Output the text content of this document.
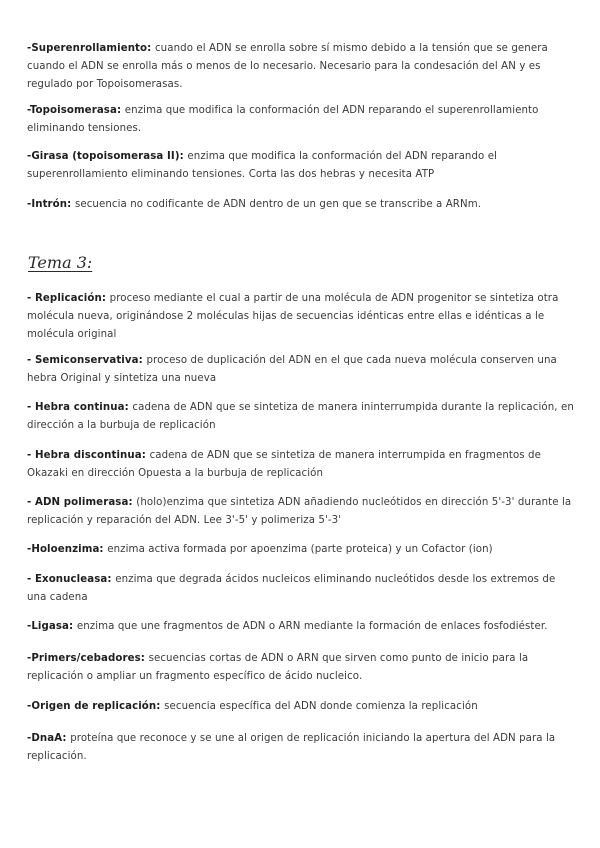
-Superenrollamiento: cuando el ADN se enrolla sobre sí mismo debido a la tensión que se genera cuando el ADN se enrolla más o menos de lo necesario. Necesario para la condesación del AN y es regulado por Topoisomerasas.

-Topoisomerasa: enzima que modifica la conformación del ADN reparando el superenrollamiento eliminando tensiones.

-Girasa (topoisomerasa II): enzima que modifica la conformación del ADN reparando el superenrollamiento eliminando tensiones. Corta las dos hebras y necesita ATP

-Intrón: secuencia no codificante de ADN dentro de un gen que se transcribe a ARNm.

Tema 3:

- Replicación: proceso mediante el cual a partir de una molécula de ADN progenitor se sintetiza otra molécula nueva, originándose 2 moléculas hijas de secuencias idénticas entre ellas e idénticas a le molécula original

- Semiconservativa: proceso de duplicación del ADN en el que cada nueva molécula conserven una hebra Original y sintetiza una nueva

- Hebra continua: cadena de ADN que se sintetiza de manera ininterrumpida durante la replicación, en dirección a la burbuja de replicación

- Hebra discontinua: cadena de ADN que se sintetiza de manera interrumpida en fragmentos de Okazaki en dirección Opuesta a la burbuja de replicación

- ADN polimerasa: (holo)enzima que sintetiza ADN añadiendo nucleótidos en dirección 5'-3' durante la replicación y reparación del ADN. Lee 3'-5' y polimeriza 5'-3'

-Holoenzima: enzima activa formada por apoenzima (parte proteica) y un Cofactor (ion)

- Exonucleasa: enzima que degrada ácidos nucleicos eliminando nucleótidos desde los extremos de una cadena

-Ligasa: enzima que une fragmentos de ADN o ARN mediante la formación de enlaces fosfodiéster.

-Primers/cebadores: secuencias cortas de ADN o ARN que sirven como punto de inicio para la replicación o ampliar un fragmento específico de ácido nucleico.

-Origen de replicación: secuencia específica del ADN donde comienza la replicación

-DnaA: proteína que reconoce y se une al origen de replicación iniciando la apertura del ADN para la replicación.
